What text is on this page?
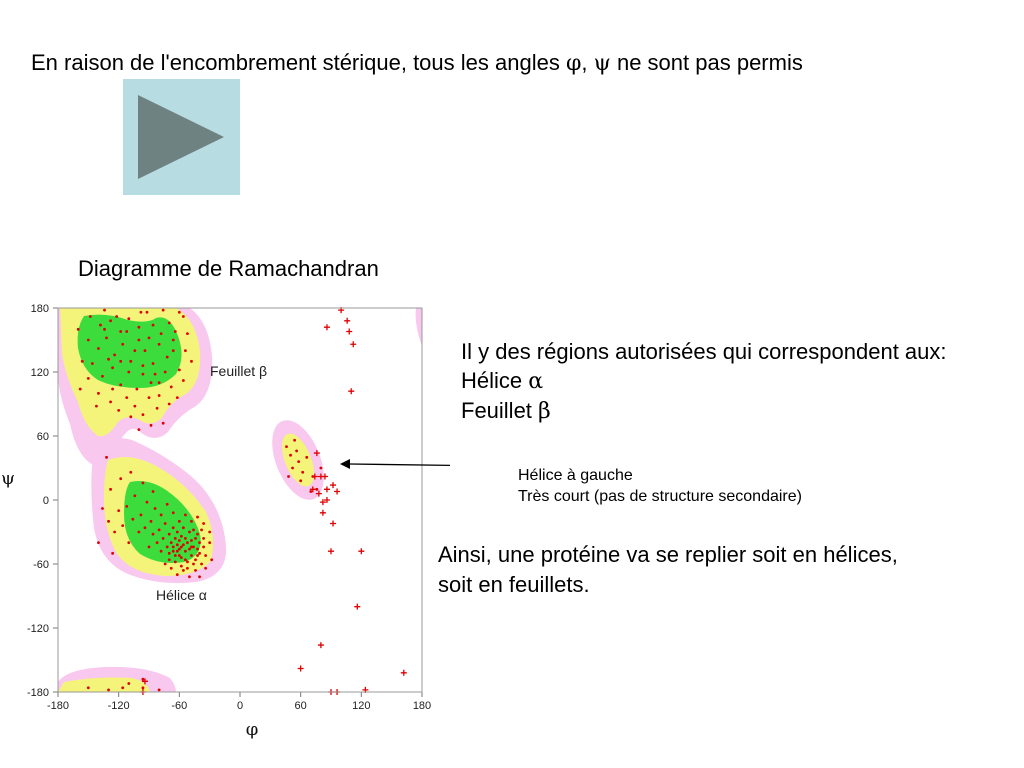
En raison de l'encombrement stérique, tous les angles φ, ψ ne sont pas permis
Diagramme de Ramachandran
Feuillet β
Hélice α
-180	-120	-60	0	60	120	180
180
120
60
0
-60
-120
-180
φ
ψ
Il y des régions autorisées qui correspondent aux:
Hélice α
Feuillet β
Hélice à gauche
Très court (pas de structure secondaire)
Ainsi, une protéine va se replier soit en hélices,
soit en feuillets.
